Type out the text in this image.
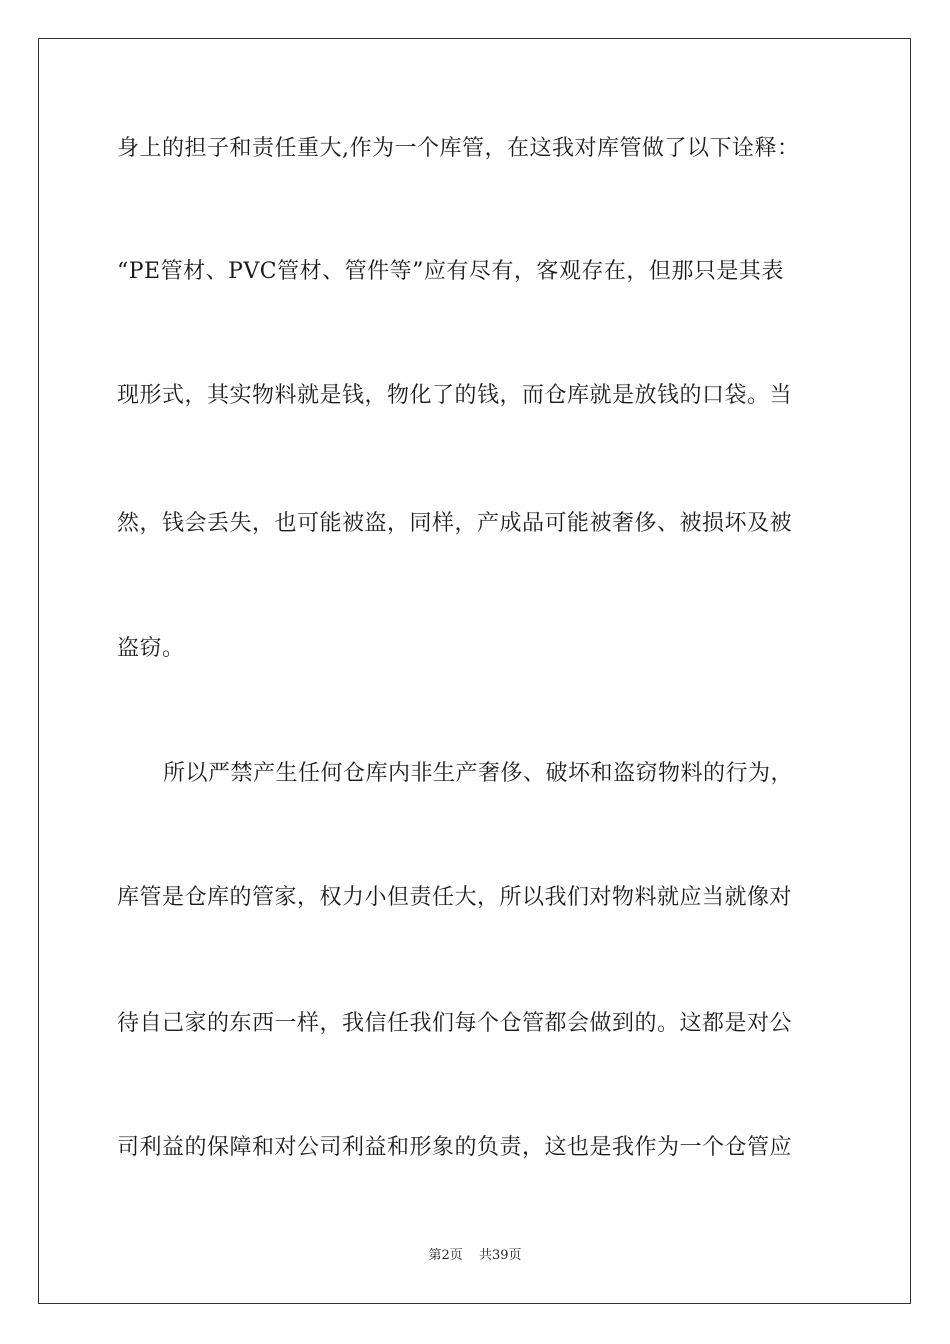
身上的担子和责任重大,作为一个库管，在这我对库管做了以下诠释：
“PE管材、PVC管材、管件等”应有尽有，客观存在，但那只是其表
现形式，其实物料就是钱，物化了的钱，而仓库就是放钱的口袋。当
然，钱会丢失，也可能被盗，同样，产成品可能被奢侈、被损坏及被
盗窃。
所以严禁产生任何仓库内非生产奢侈、破坏和盗窃物料的行为，
库管是仓库的管家，权力小但责任大，所以我们对物料就应当就像对
待自己家的东西一样，我信任我们每个仓管都会做到的。这都是对公
司利益的保障和对公司利益和形象的负责，这也是我作为一个仓管应
第2页 共39页
